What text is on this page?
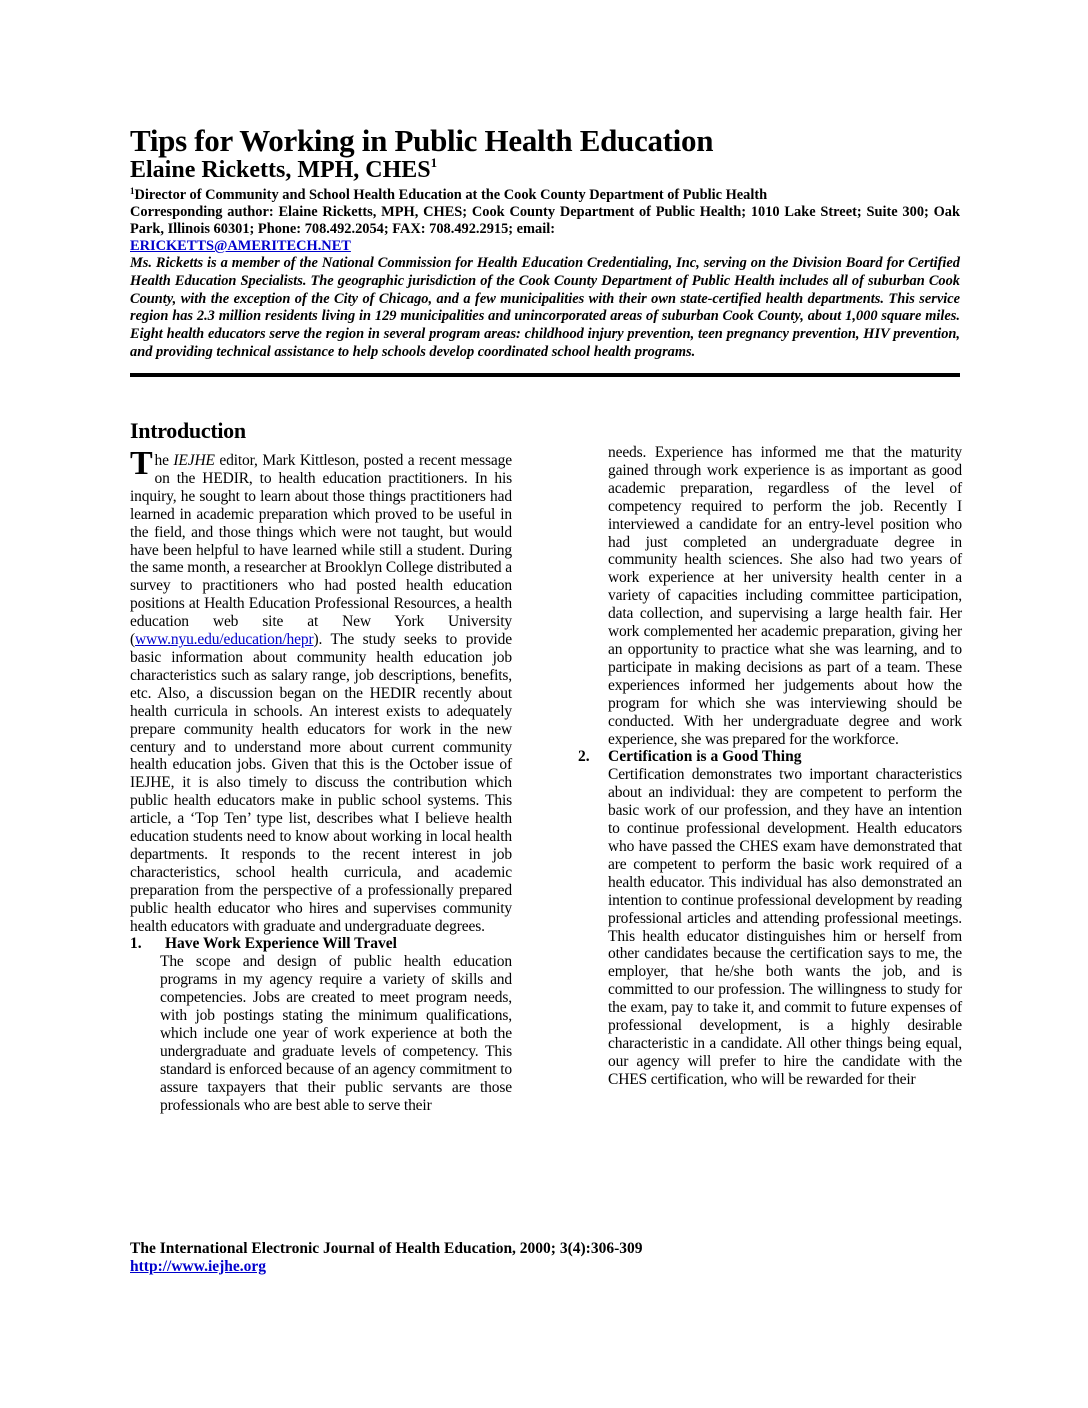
Tips for Working in Public Health Education

Elaine Ricketts, MPH, CHES$^1$

$^1$Director of Community and School Health Education at the Cook County Department of Public Health

Corresponding author: Elaine Ricketts, MPH, CHES; Cook County Department of Public Health; 1010 Lake Street; Suite 300; Oak Park, Illinois 60301; Phone: 708.492.2054; FAX: 708.492.2915; email:
ERICKETTS@AMERITECH.NET

Ms. Ricketts is a member of the National Commission for Health Education Credentialing, Inc, serving on the Division Board for Certified Health Education Specialists. The geographic jurisdiction of the Cook County Department of Public Health includes all of suburban Cook County, with the exception of the City of Chicago, and a few municipalities with their own state-certified health departments. This service region has 2.3 million residents living in 129 municipalities and unincorporated areas of suburban Cook County, about 1,000 square miles. Eight health educators serve the region in several program areas: childhood injury prevention, teen pregnancy prevention, HIV prevention, and providing technical assistance to help schools develop coordinated school health programs.

Introduction

The IEJHE editor, Mark Kittleson, posted a recent message on the HEDIR, to health education practitioners. In his inquiry, he sought to learn about those things practitioners had learned in academic preparation which proved to be useful in the field, and those things which were not taught, but would have been helpful to have learned while still a student. During the same month, a researcher at Brooklyn College distributed a survey to practitioners who had posted health education positions at Health Education Professional Resources, a health education web site at New York University (www.nyu.edu/education/hepr). The study seeks to provide basic information about community health education job characteristics such as salary range, job descriptions, benefits, etc. Also, a discussion began on the HEDIR recently about health curricula in schools. An interest exists to adequately prepare community health educators for work in the new century and to understand more about current community health education jobs. Given that this is the October issue of IEJHE, it is also timely to discuss the contribution which public health educators make in public school systems. This article, a ‘Top Ten’ type list, describes what I believe health education students need to know about working in local health departments. It responds to the recent interest in job characteristics, school health curricula, and academic preparation from the perspective of a professionally prepared public health educator who hires and supervises community health educators with graduate and undergraduate degrees.

1.	Have Work Experience Will Travel

The scope and design of public health education programs in my agency require a variety of skills and competencies. Jobs are created to meet program needs, with job postings stating the minimum qualifications, which include one year of work experience at both the undergraduate and graduate levels of competency. This standard is enforced because of an agency commitment to assure taxpayers that their public servants are those professionals who are best able to serve their

needs. Experience has informed me that the maturity gained through work experience is as important as good academic preparation, regardless of the level of competency required to perform the job. Recently I interviewed a candidate for an entry-level position who had just completed an undergraduate degree in community health sciences. She also had two years of work experience at her university health center in a variety of capacities including committee participation, data collection, and supervising a large health fair. Her work complemented her academic preparation, giving her an opportunity to practice what she was learning, and to participate in making decisions as part of a team. These experiences informed her judgements about how the program for which she was interviewing should be conducted. With her undergraduate degree and work experience, she was prepared for the workforce.

2.	Certification is a Good Thing

Certification demonstrates two important characteristics about an individual: they are competent to perform the basic work of our profession, and they have an intention to continue professional development. Health educators who have passed the CHES exam have demonstrated that are competent to perform the basic work required of a health educator. This individual has also demonstrated an intention to continue professional development by reading professional articles and attending professional meetings. This health educator distinguishes him or herself from other candidates because the certification says to me, the employer, that he/she both wants the job, and is committed to our profession. The willingness to study for the exam, pay to take it, and commit to future expenses of professional development, is a highly desirable characteristic in a candidate. All other things being equal, our agency will prefer to hire the candidate with the CHES certification, who will be rewarded for their

The International Electronic Journal of Health Education, 2000; 3(4):306-309
http://www.iejhe.org
